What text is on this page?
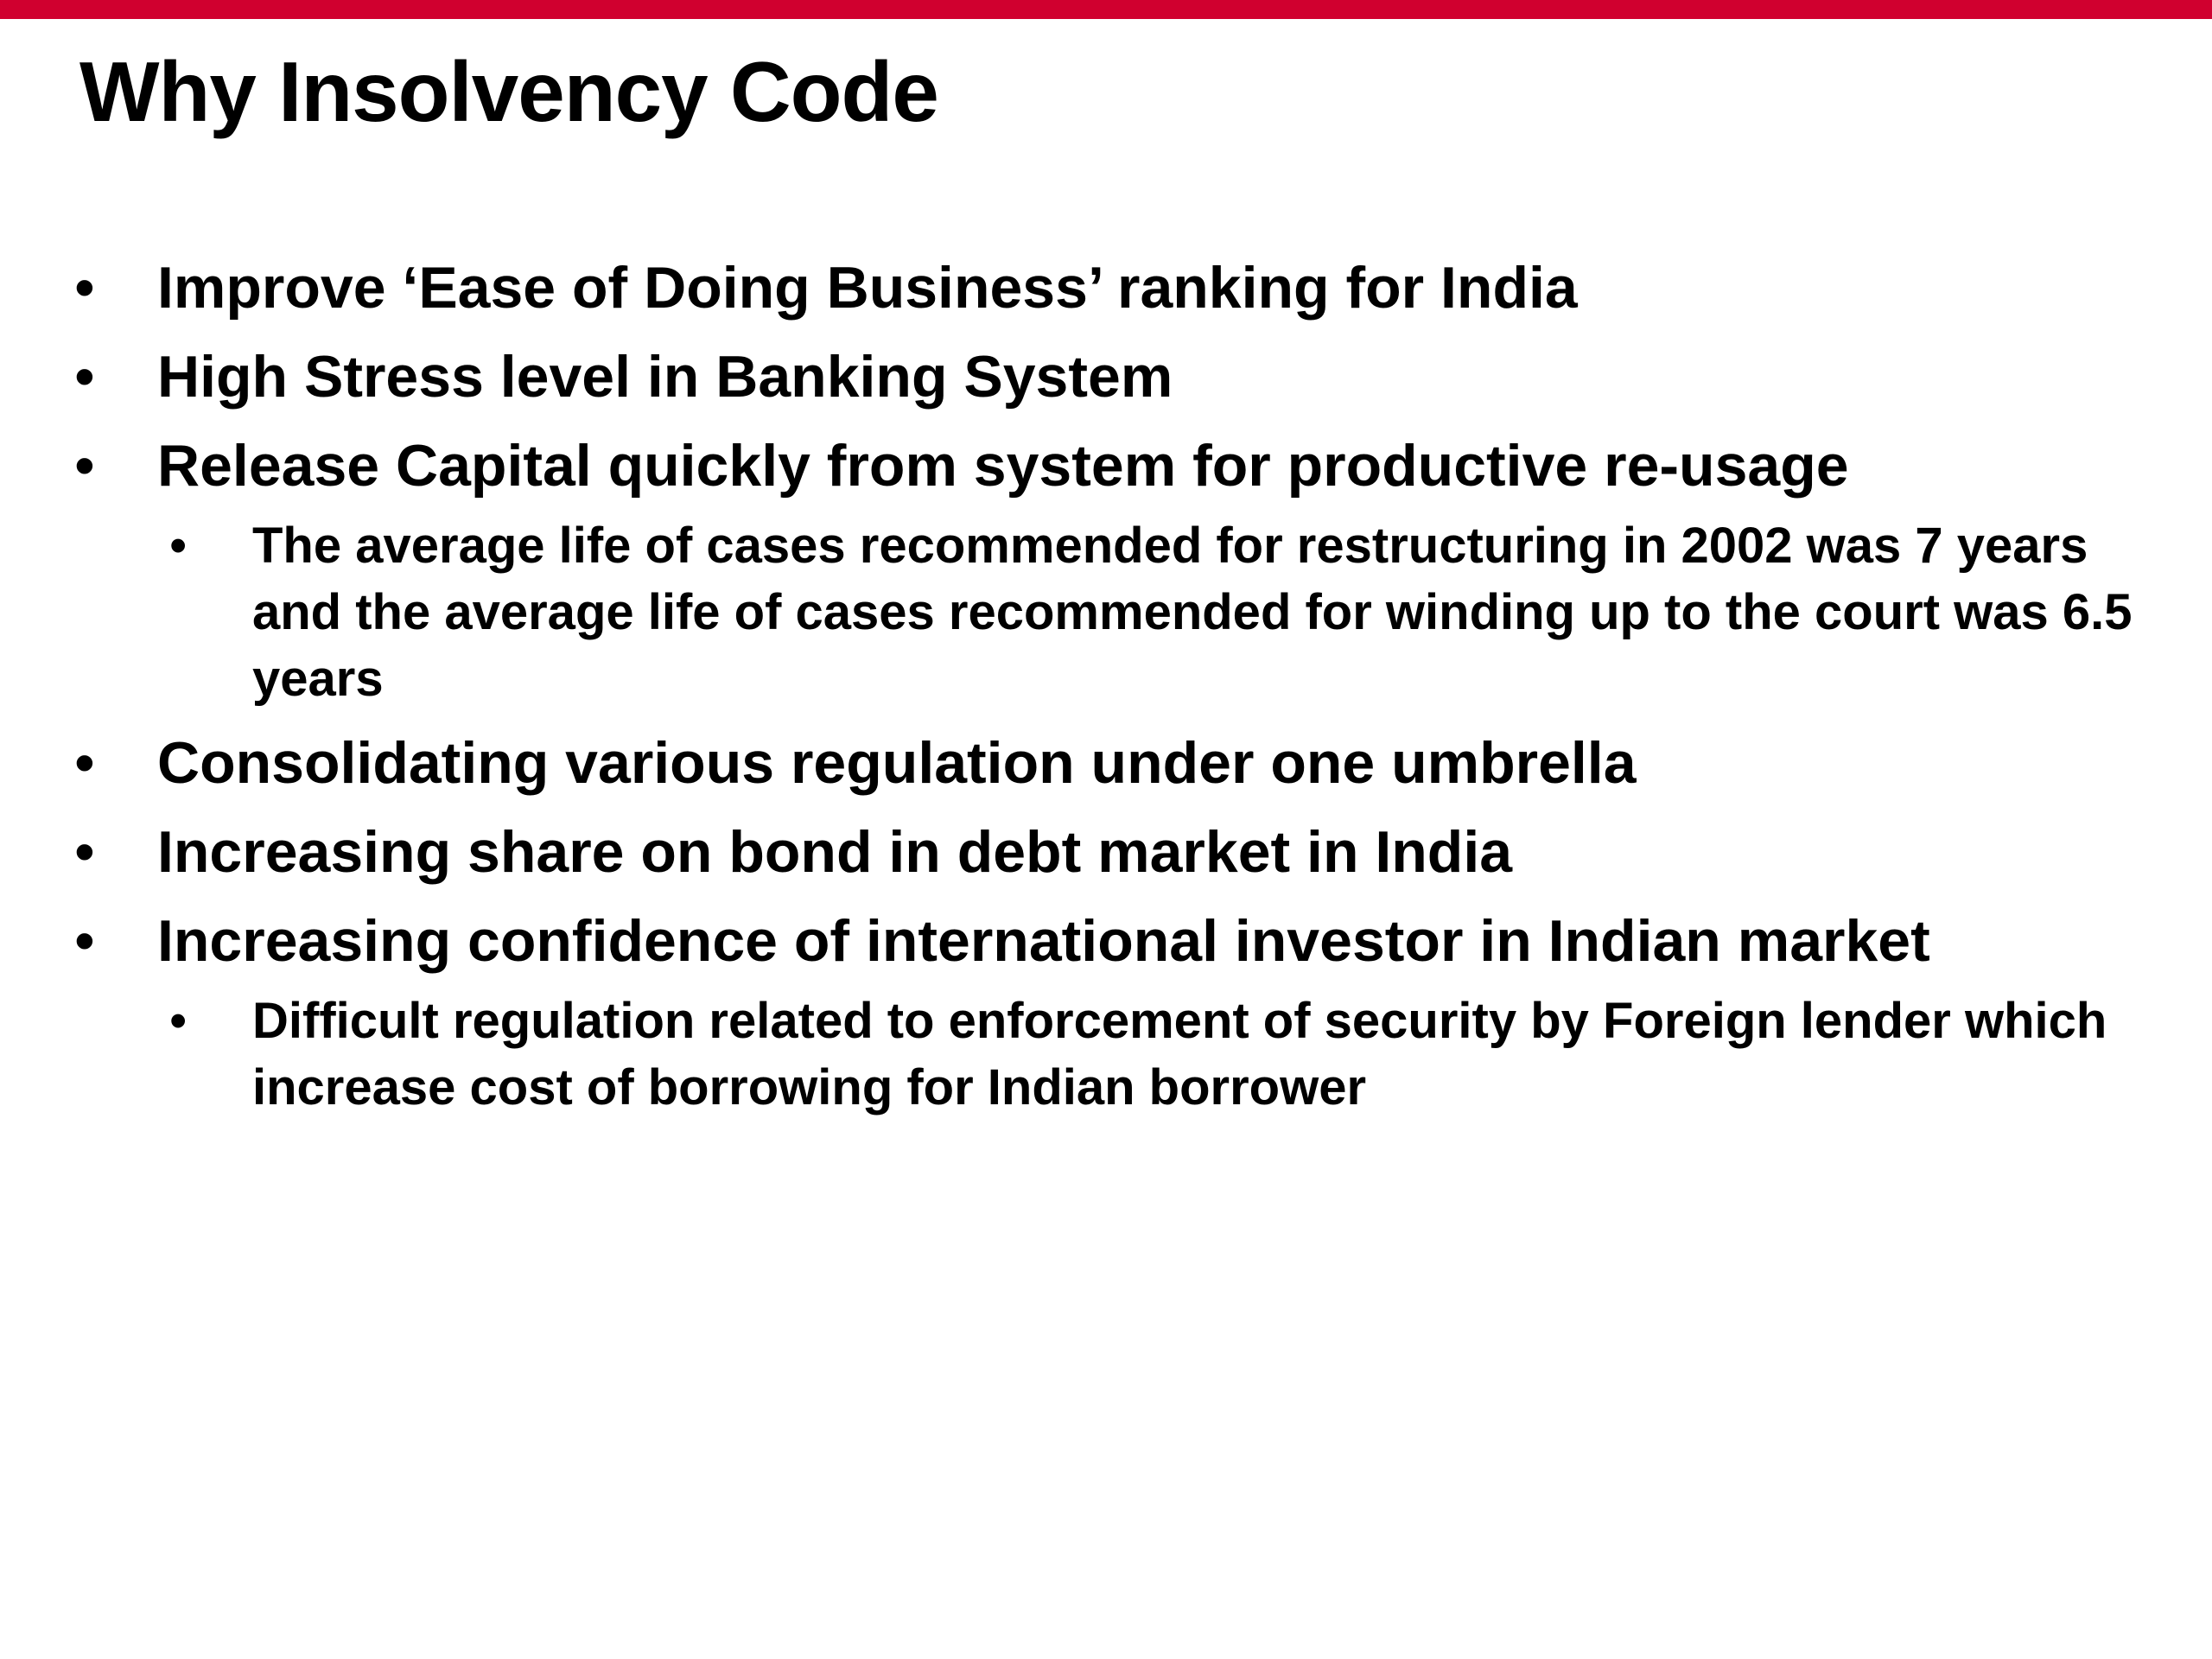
Why Insolvency Code
• Improve ‘Ease of Doing Business’ ranking for India
• High Stress level in Banking System
• Release Capital quickly from system for productive re-usage
• The average life of cases recommended for restructuring in 2002 was 7 years and the average life of cases recommended for winding up to the court was 6.5 years
• Consolidating various regulation under one umbrella
• Increasing share on bond in debt market in India
• Increasing confidence of international investor in Indian market
• Difficult regulation related to enforcement of security by Foreign lender which increase cost of borrowing for Indian borrower
